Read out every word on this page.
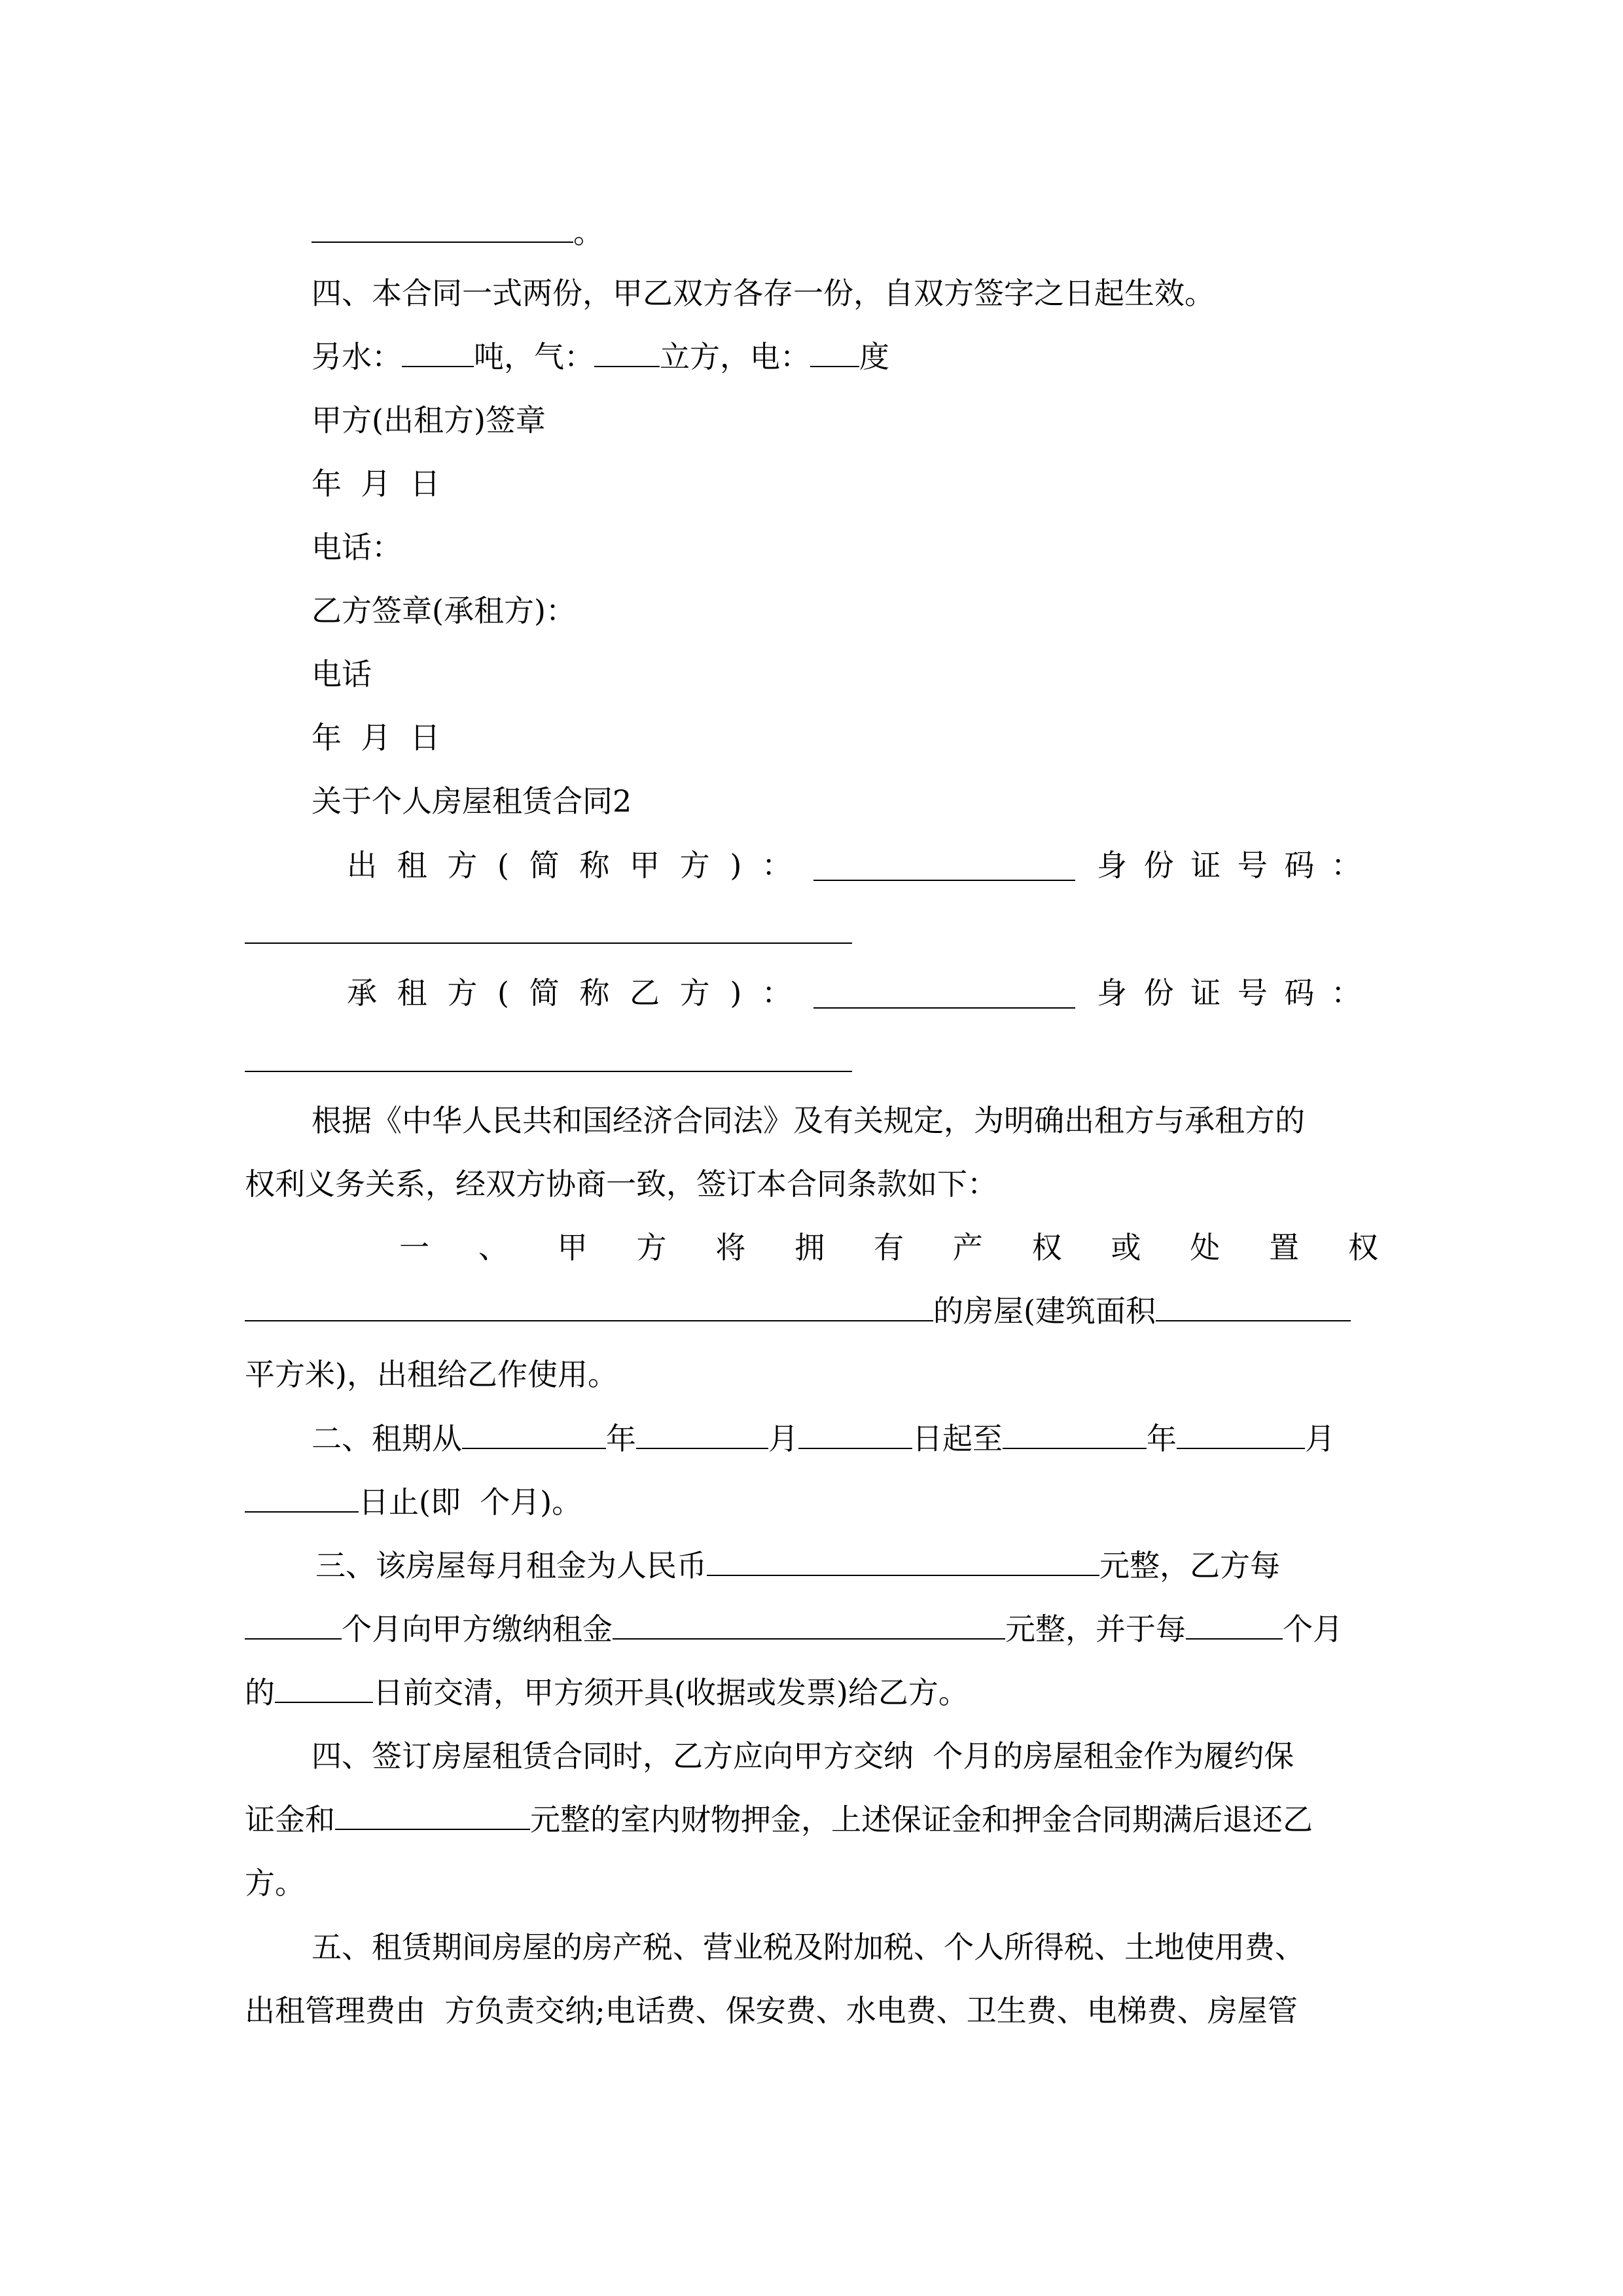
。
四、本合同一式两份，甲乙双方各存一份，自双方签字之日起生效。
另水： 吨，气： 立方，电： 度
甲方(出租方)签章
年  月  日
电话：
乙方签章(承租方)：
电话
年  月  日
关于个人房屋租赁合同2
出 租 方 ( 简 称 甲 方 ) ：	身 份 证 号 码 ：
承 租 方 ( 简 称 乙 方 ) ：	身 份 证 号 码 ：
根据《中华人民共和国经济合同法》及有关规定，为明确出租方与承租方的
权利义务关系，经双方协商一致，签订本合同条款如下：
一 、 甲 方 将 拥 有 产 权 或 处 置 权
的房屋(建筑面积
平方米)，出租给乙作使用。
二、租期从	年	月	日起至	年	月
日止(即  个月)。
三、该房屋每月租金为人民币	元整，乙方每
个月向甲方缴纳租金	元整，并于每	个月
的	日前交清，甲方须开具(收据或发票)给乙方。
四、签订房屋租赁合同时，乙方应向甲方交纳  个月的房屋租金作为履约保
证金和	元整的室内财物押金，上述保证金和押金合同期满后退还乙
方。
五、租赁期间房屋的房产税、营业税及附加税、个人所得税、土地使用费、
出租管理费由  方负责交纳;电话费、保安费、水电费、卫生费、电梯费、房屋管
